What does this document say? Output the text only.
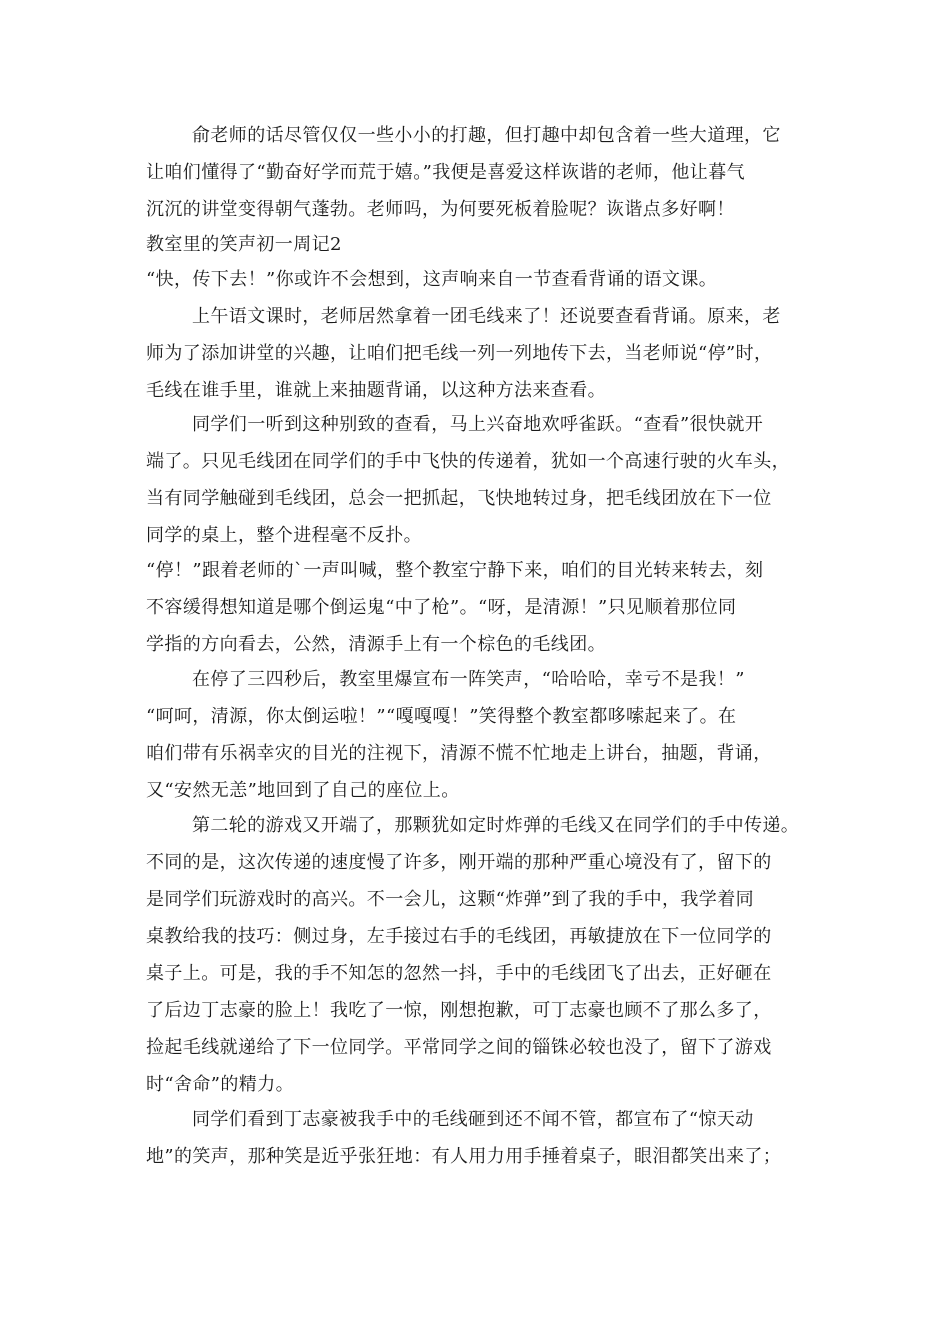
俞老师的话尽管仅仅一些小小的打趣，但打趣中却包含着一些大道理，它
让咱们懂得了“勤奋好学而荒于嬉。”我便是喜爱这样诙谐的老师，他让暮气
沉沉的讲堂变得朝气蓬勃。老师吗，为何要死板着脸呢？诙谐点多好啊！
教室里的笑声初一周记2
“快，传下去！”你或许不会想到，这声响来自一节查看背诵的语文课。
上午语文课时，老师居然拿着一团毛线来了！还说要查看背诵。原来，老
师为了添加讲堂的兴趣，让咱们把毛线一列一列地传下去，当老师说“停”时，
毛线在谁手里，谁就上来抽题背诵，以这种方法来查看。
同学们一听到这种别致的查看，马上兴奋地欢呼雀跃。“查看”很快就开
端了。只见毛线团在同学们的手中飞快的传递着，犹如一个高速行驶的火车头，
当有同学触碰到毛线团，总会一把抓起，飞快地转过身，把毛线团放在下一位
同学的桌上，整个进程毫不反扑。
“停！”跟着老师的`一声叫喊，整个教室宁静下来，咱们的目光转来转去，刻
不容缓得想知道是哪个倒运鬼“中了枪”。“呀，是清源！”只见顺着那位同
学指的方向看去，公然，清源手上有一个棕色的毛线团。
在停了三四秒后，教室里爆宣布一阵笑声，“哈哈哈，幸亏不是我！”
“呵呵，清源，你太倒运啦！”“嘎嘎嘎！”笑得整个教室都哆嗦起来了。在
咱们带有乐祸幸灾的目光的注视下，清源不慌不忙地走上讲台，抽题，背诵，
又“安然无恙”地回到了自己的座位上。
第二轮的游戏又开端了，那颗犹如定时炸弹的毛线又在同学们的手中传递。
不同的是，这次传递的速度慢了许多，刚开端的那种严重心境没有了，留下的
是同学们玩游戏时的高兴。不一会儿，这颗“炸弹”到了我的手中，我学着同
桌教给我的技巧：侧过身，左手接过右手的毛线团，再敏捷放在下一位同学的
桌子上。可是，我的手不知怎的忽然一抖，手中的毛线团飞了出去，正好砸在
了后边丁志豪的脸上！我吃了一惊，刚想抱歉，可丁志豪也顾不了那么多了，
捡起毛线就递给了下一位同学。平常同学之间的锱铢必较也没了，留下了游戏
时“舍命”的精力。
同学们看到丁志豪被我手中的毛线砸到还不闻不管，都宣布了“惊天动
地”的笑声，那种笑是近乎张狂地：有人用力用手捶着桌子，眼泪都笑出来了；
